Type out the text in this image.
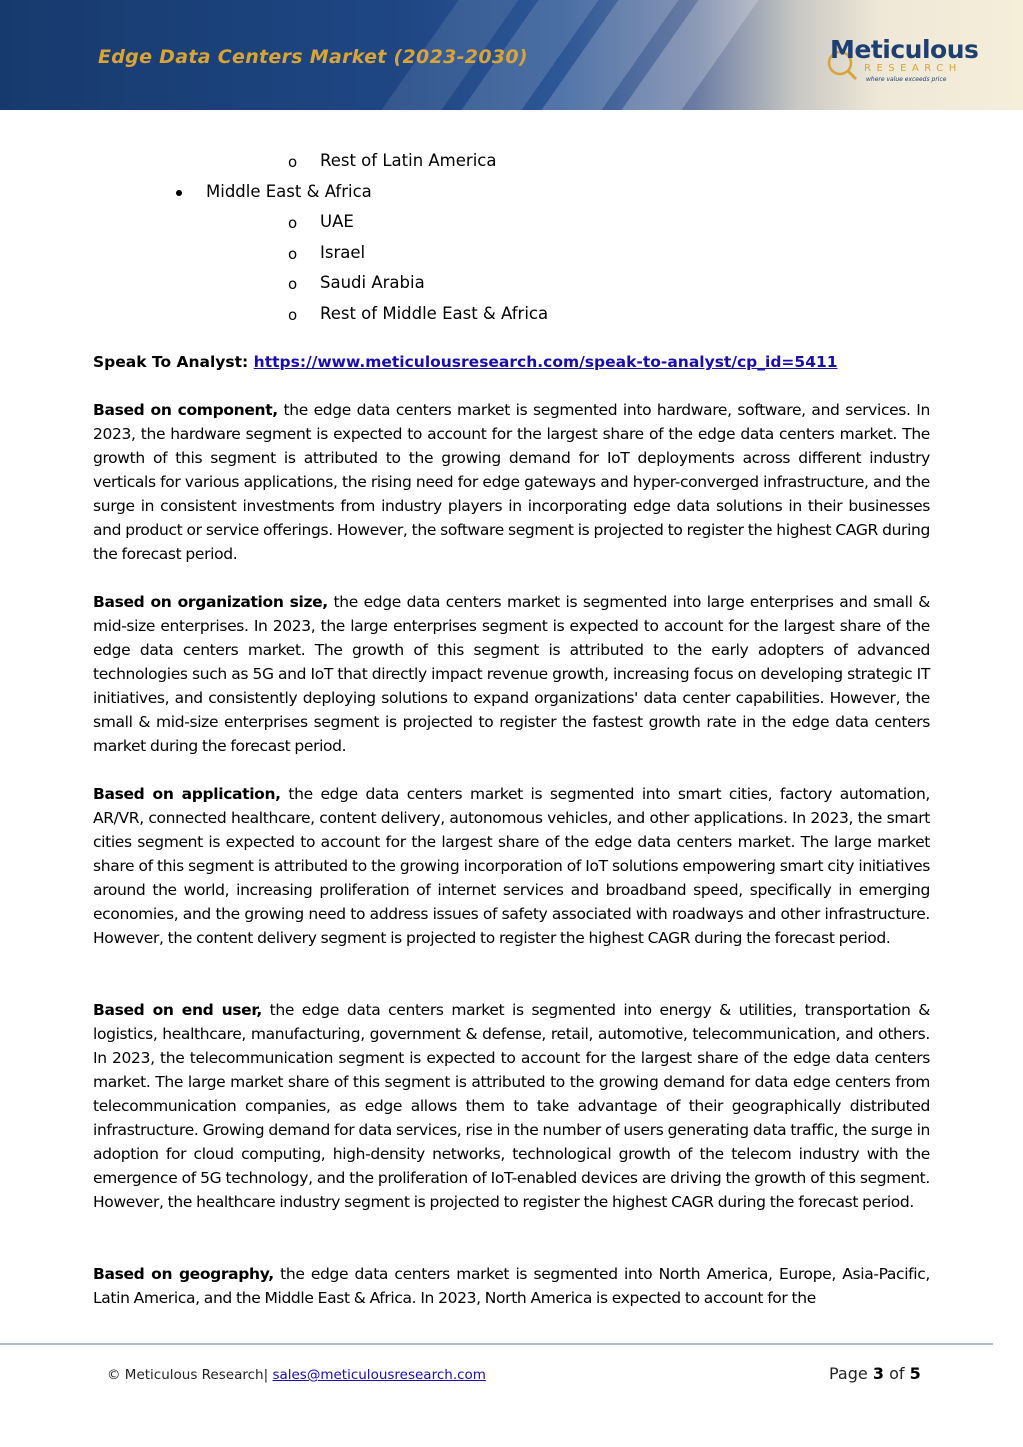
Edge Data Centers Market (2023-2030)	Meticulous
RESEARCH
where value exceeds price
o Rest of Latin America
Middle East & Africa
o UAE
o Israel
o Saudi Arabia
o Rest of Middle East & Africa
Speak To Analyst: https://www.meticulousresearch.com/speak-to-analyst/cp_id=5411
Based on component, the edge data centers market is segmented into hardware, software, and services. In 2023, the hardware segment is expected to account for the largest share of the edge data centers market. The growth of this segment is attributed to the growing demand for IoT deployments across different industry verticals for various applications, the rising need for edge gateways and hyper-converged infrastructure, and the surge in consistent investments from industry players in incorporating edge data solutions in their businesses and product or service offerings. However, the software segment is projected to register the highest CAGR during the forecast period.
Based on organization size, the edge data centers market is segmented into large enterprises and small & mid-size enterprises. In 2023, the large enterprises segment is expected to account for the largest share of the edge data centers market. The growth of this segment is attributed to the early adopters of advanced technologies such as 5G and IoT that directly impact revenue growth, increasing focus on developing strategic IT initiatives, and consistently deploying solutions to expand organizations' data center capabilities. However, the small & mid-size enterprises segment is projected to register the fastest growth rate in the edge data centers market during the forecast period.
Based on application, the edge data centers market is segmented into smart cities, factory automation, AR/VR, connected healthcare, content delivery, autonomous vehicles, and other applications. In 2023, the smart cities segment is expected to account for the largest share of the edge data centers market. The large market share of this segment is attributed to the growing incorporation of IoT solutions empowering smart city initiatives around the world, increasing proliferation of internet services and broadband speed, specifically in emerging economies, and the growing need to address issues of safety associated with roadways and other infrastructure. However, the content delivery segment is projected to register the highest CAGR during the forecast period.
Based on end user, the edge data centers market is segmented into energy & utilities, transportation & logistics, healthcare, manufacturing, government & defense, retail, automotive, telecommunication, and others. In 2023, the telecommunication segment is expected to account for the largest share of the edge data centers market. The large market share of this segment is attributed to the growing demand for data edge centers from telecommunication companies, as edge allows them to take advantage of their geographically distributed infrastructure. Growing demand for data services, rise in the number of users generating data traffic, the surge in adoption for cloud computing, high-density networks, technological growth of the telecom industry with the emergence of 5G technology, and the proliferation of IoT-enabled devices are driving the growth of this segment. However, the healthcare industry segment is projected to register the highest CAGR during the forecast period.
Based on geography, the edge data centers market is segmented into North America, Europe, Asia-Pacific, Latin America, and the Middle East & Africa. In 2023, North America is expected to account for the
© Meticulous Research| sales@meticulousresearch.com	Page 3 of 5
